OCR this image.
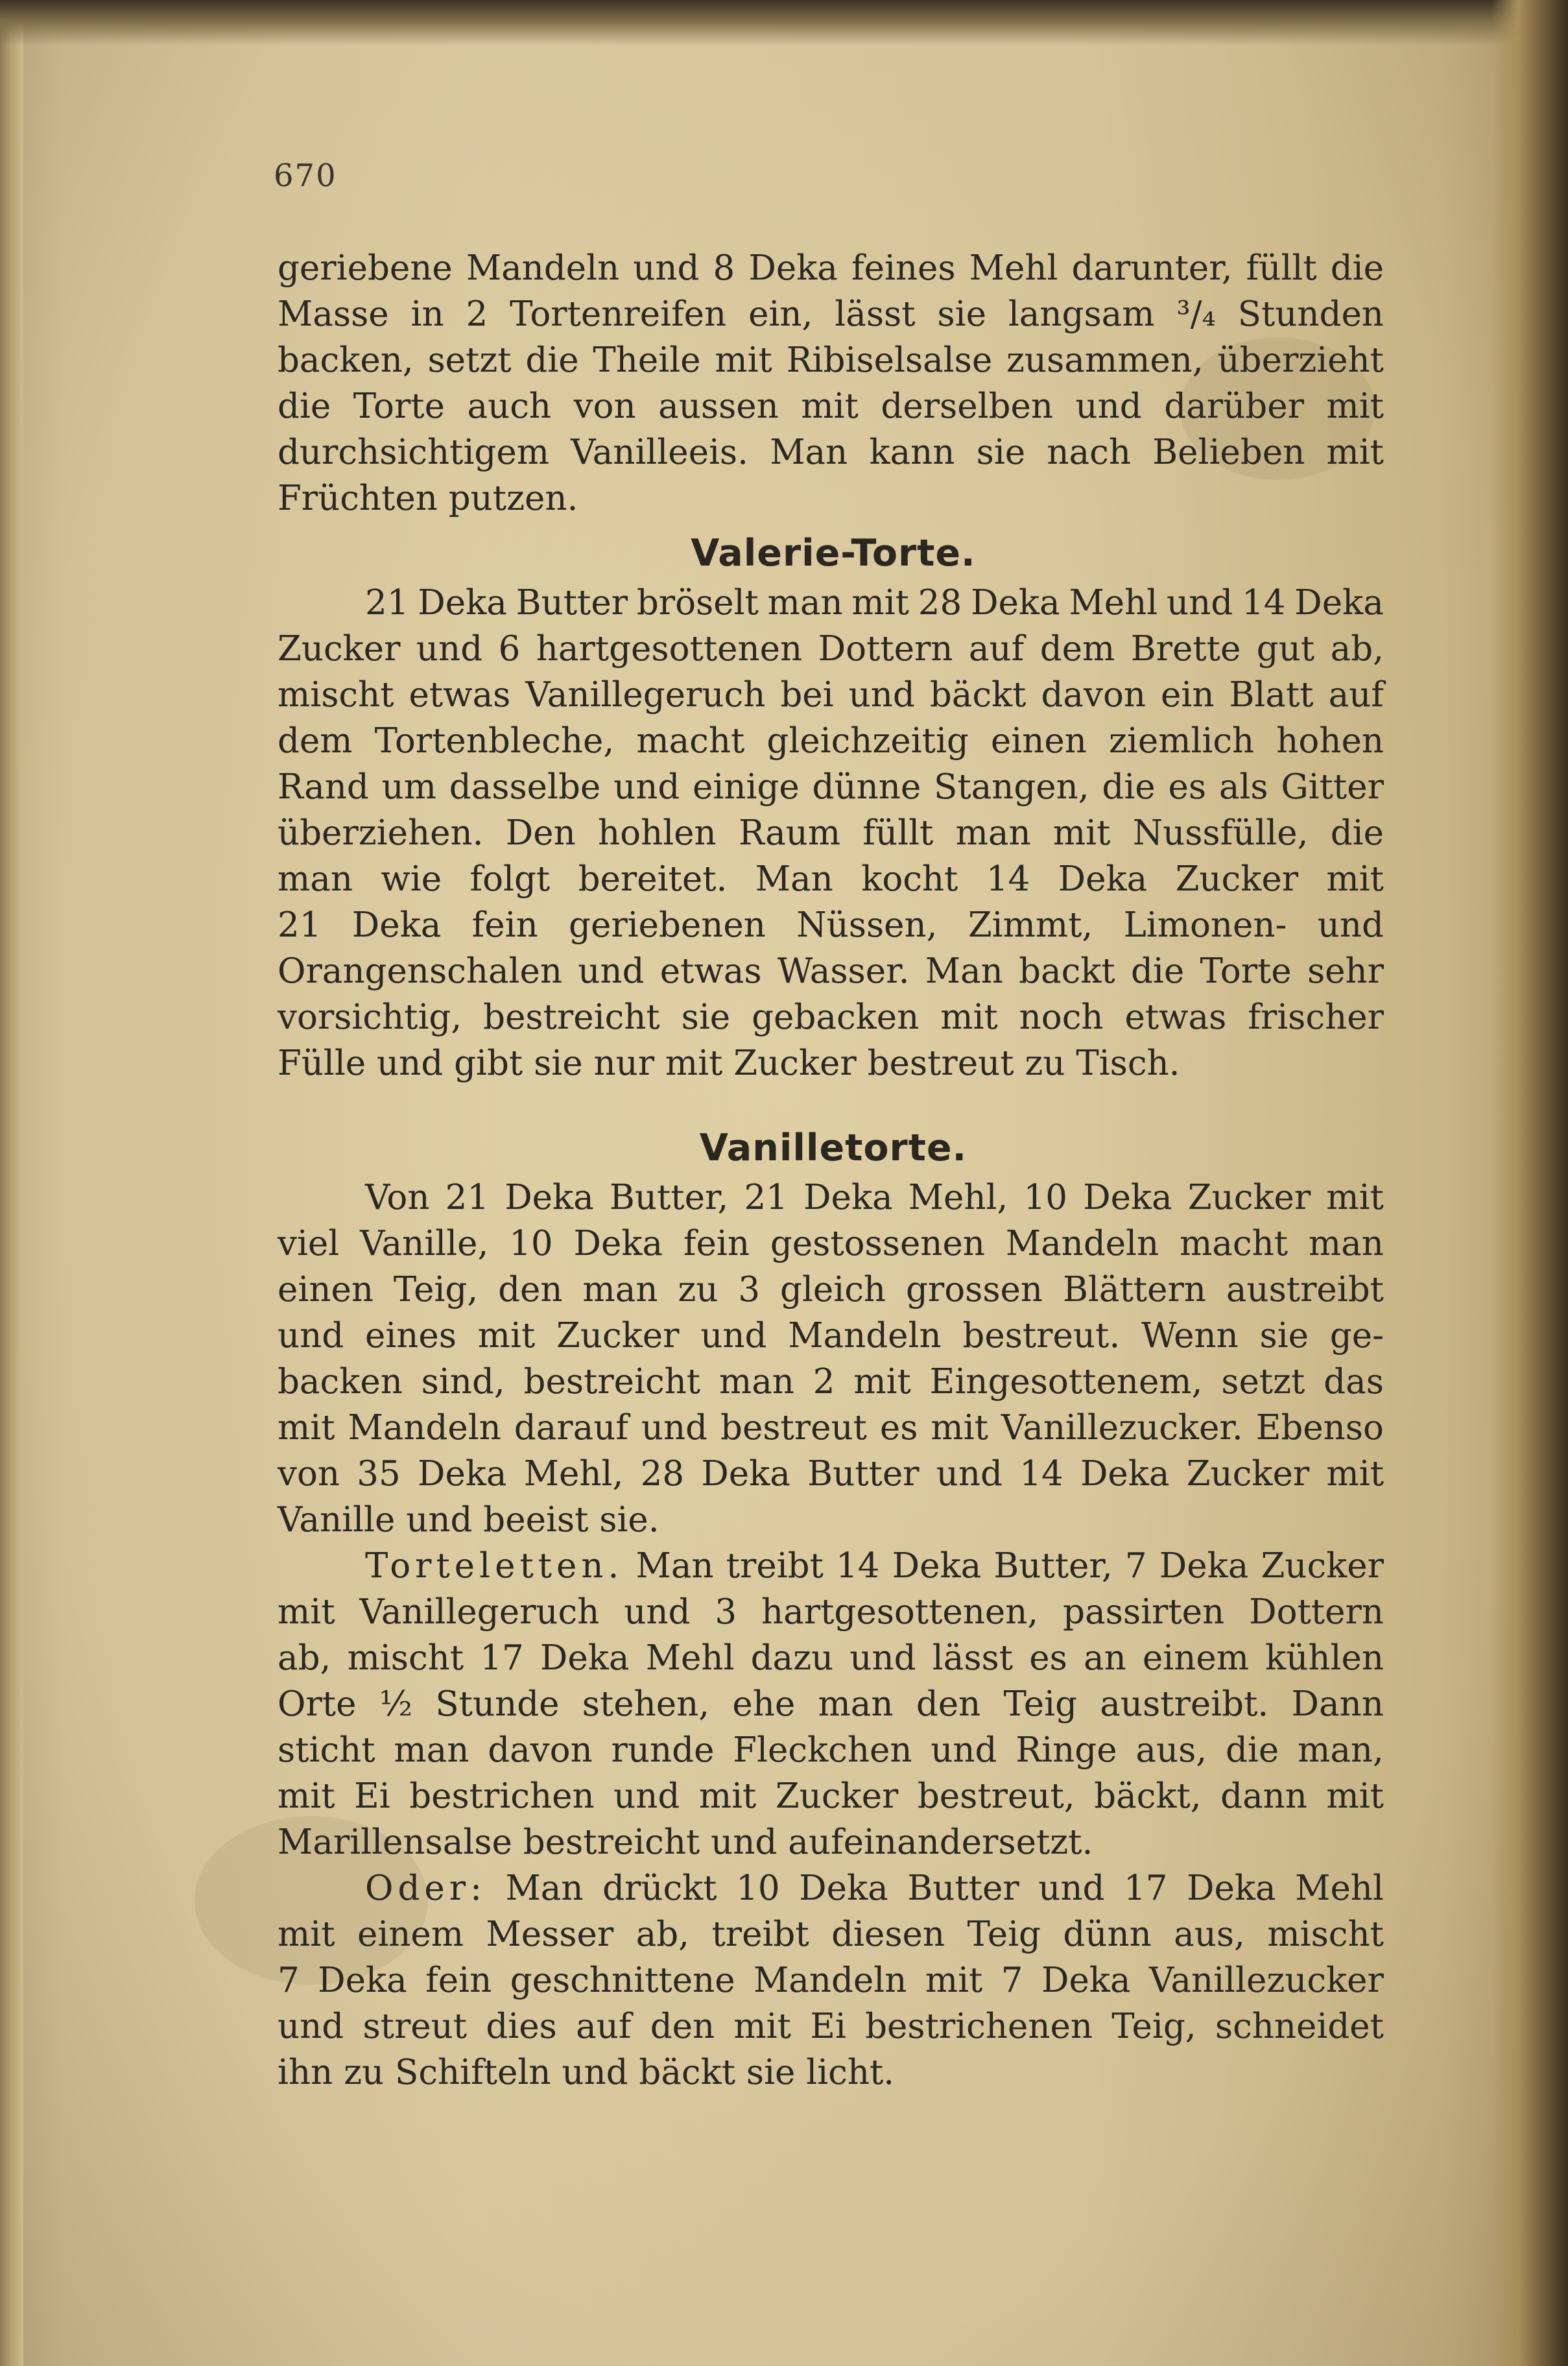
670
geriebene Mandeln und 8 Deka feines Mehl darunter, füllt die
Masse in 2 Tortenreifen ein, lässt sie langsam ³/₄ Stunden
backen, setzt die Theile mit Ribiselsalse zusammen, überzieht
die Torte auch von aussen mit derselben und darüber mit
durchsichtigem Vanilleeis. Man kann sie nach Belieben mit
Früchten
putzen.
Valerie-Torte.
21 Deka Butter bröselt man mit 28 Deka Mehl und 14 Deka
Zucker und 6 hartgesottenen Dottern auf dem Brette gut ab,
mischt etwas Vanillegeruch bei und bäckt davon ein Blatt auf
dem Tortenbleche, macht gleichzeitig einen ziemlich hohen
Rand um dasselbe und einige dünne Stangen, die es als Gitter
überziehen. Den hohlen Raum füllt man mit Nussfülle, die
man wie folgt bereitet. Man kocht 14 Deka Zucker mit
21 Deka fein geriebenen Nüssen, Zimmt, Limonen- und
Orangenschalen und etwas Wasser. Man backt die Torte sehr
vorsichtig, bestreicht sie gebacken mit noch etwas frischer
Fülle
und
gibt
sie
nur
mit
Zucker
bestreut
zu
Tisch.
Vanilletorte.
Von 21 Deka Butter, 21 Deka Mehl, 10 Deka Zucker mit
viel Vanille, 10 Deka fein gestossenen Mandeln macht man
einen Teig, den man zu 3 gleich grossen Blättern austreibt
und eines mit Zucker und Mandeln bestreut. Wenn sie ge-
backen sind, bestreicht man 2 mit Eingesottenem, setzt das
mit Mandeln darauf und bestreut es mit Vanillezucker. Ebenso
von 35 Deka Mehl, 28 Deka Butter und 14 Deka Zucker mit
Vanille
und
beeist
sie.
Torteletten. Man treibt 14 Deka Butter, 7 Deka Zucker
mit Vanillegeruch und 3 hartgesottenen, passirten Dottern
ab, mischt 17 Deka Mehl dazu und lässt es an einem kühlen
Orte ½ Stunde stehen, ehe man den Teig austreibt. Dann
sticht man davon runde Fleckchen und Ringe aus, die man,
mit Ei bestrichen und mit Zucker bestreut, bäckt, dann mit
Marillensalse
bestreicht
und
aufeinandersetzt.
Oder: Man drückt 10 Deka Butter und 17 Deka Mehl
mit einem Messer ab, treibt diesen Teig dünn aus, mischt
7 Deka fein geschnittene Mandeln mit 7 Deka Vanillezucker
und streut dies auf den mit Ei bestrichenen Teig, schneidet
ihn
zu
Schifteln
und
bäckt
sie
licht.
